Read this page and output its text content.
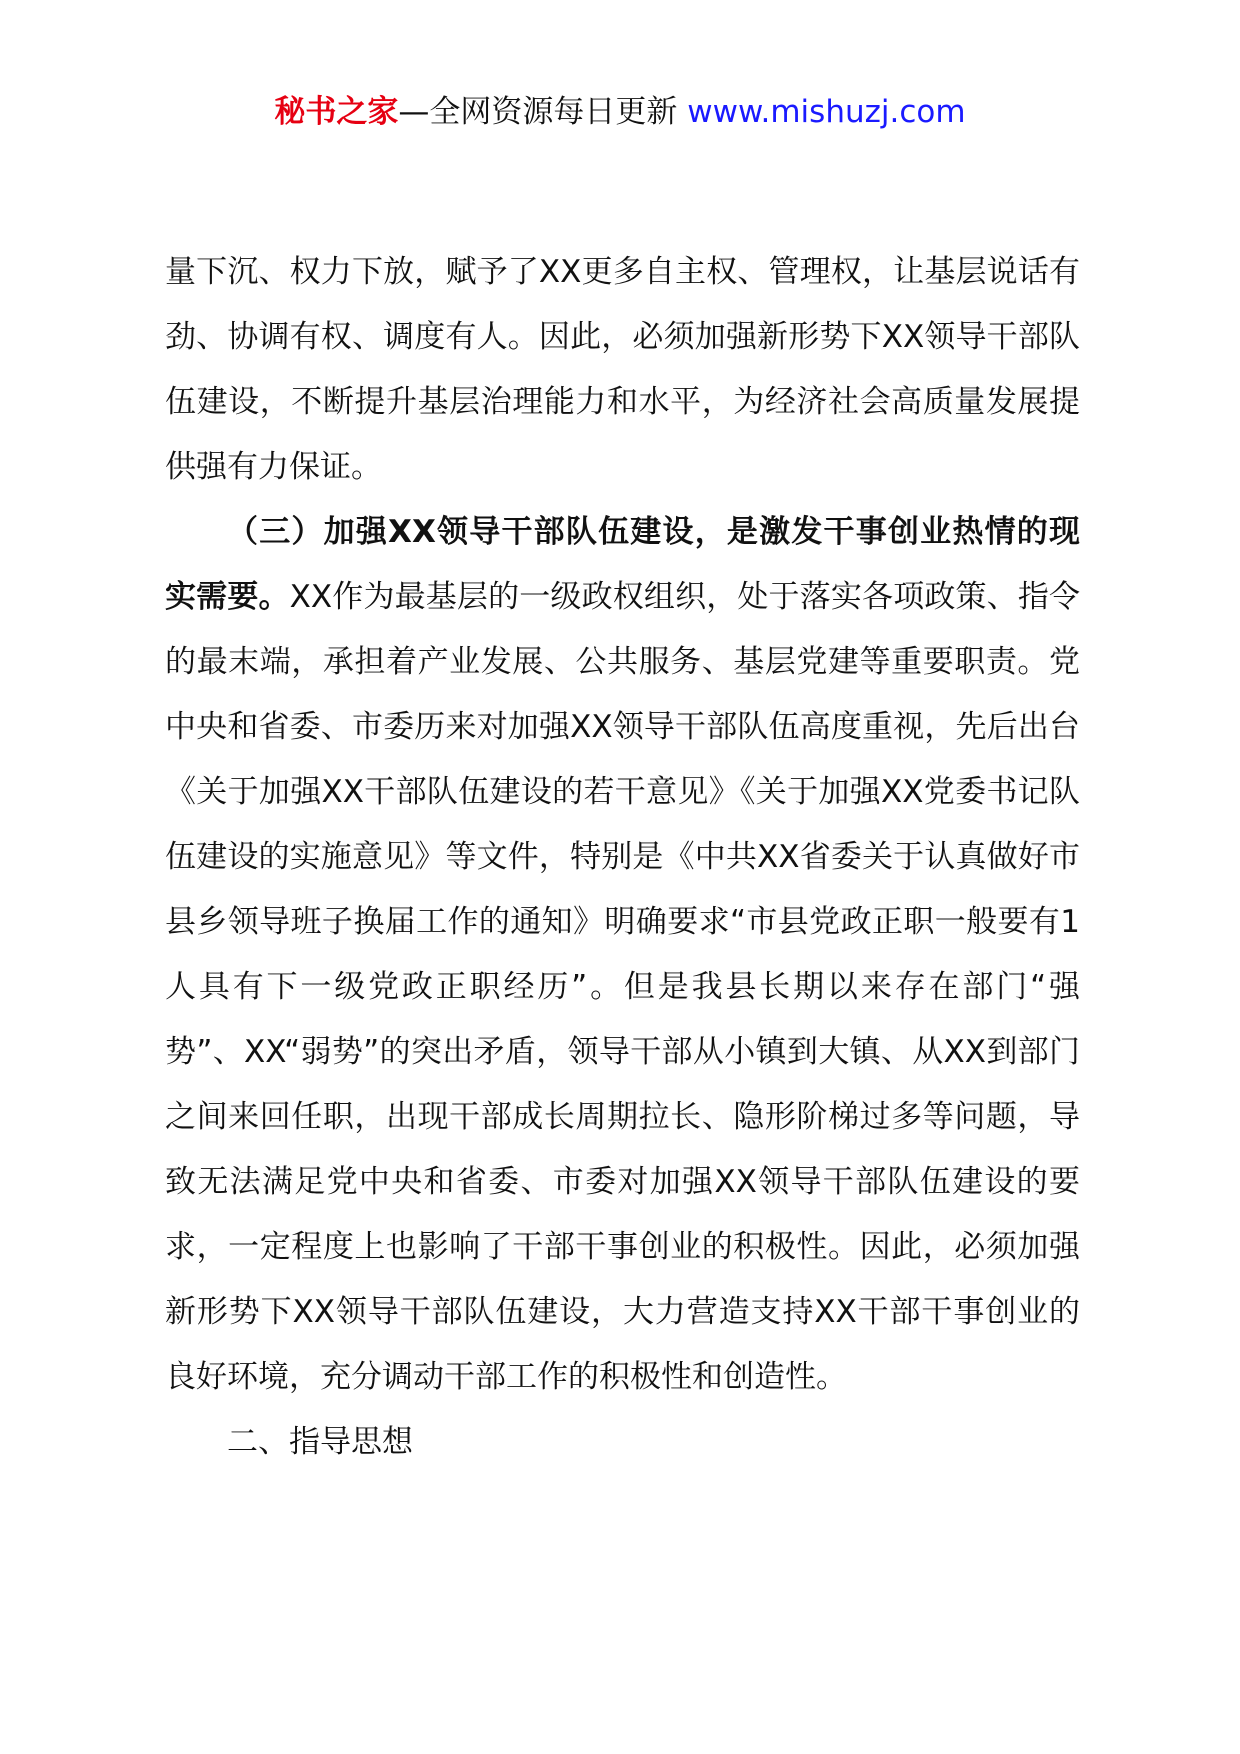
秘书之家—全网资源每日更新 www.mishuzj.com

量下沉、权力下放，赋予了XX更多自主权、管理权，让基层说话有劲、协调有权、调度有人。因此，必须加强新形势下XX领导干部队伍建设，不断提升基层治理能力和水平，为经济社会高质量发展提供强有力保证。

（三）加强XX领导干部队伍建设，是激发干事创业热情的现实需要。XX作为最基层的一级政权组织，处于落实各项政策、指令的最末端，承担着产业发展、公共服务、基层党建等重要职责。党中央和省委、市委历来对加强XX领导干部队伍高度重视，先后出台《关于加强XX干部队伍建设的若干意见》《关于加强XX党委书记队伍建设的实施意见》等文件，特别是《中共XX省委关于认真做好市县乡领导班子换届工作的通知》明确要求“市县党政正职一般要有1人具有下一级党政正职经历”。但是我县长期以来存在部门“强势”、XX“弱势”的突出矛盾，领导干部从小镇到大镇、从XX到部门之间来回任职，出现干部成长周期拉长、隐形阶梯过多等问题，导致无法满足党中央和省委、市委对加强XX领导干部队伍建设的要求，一定程度上也影响了干部干事创业的积极性。因此，必须加强新形势下XX领导干部队伍建设，大力营造支持XX干部干事创业的良好环境，充分调动干部工作的积极性和创造性。

二、指导思想
